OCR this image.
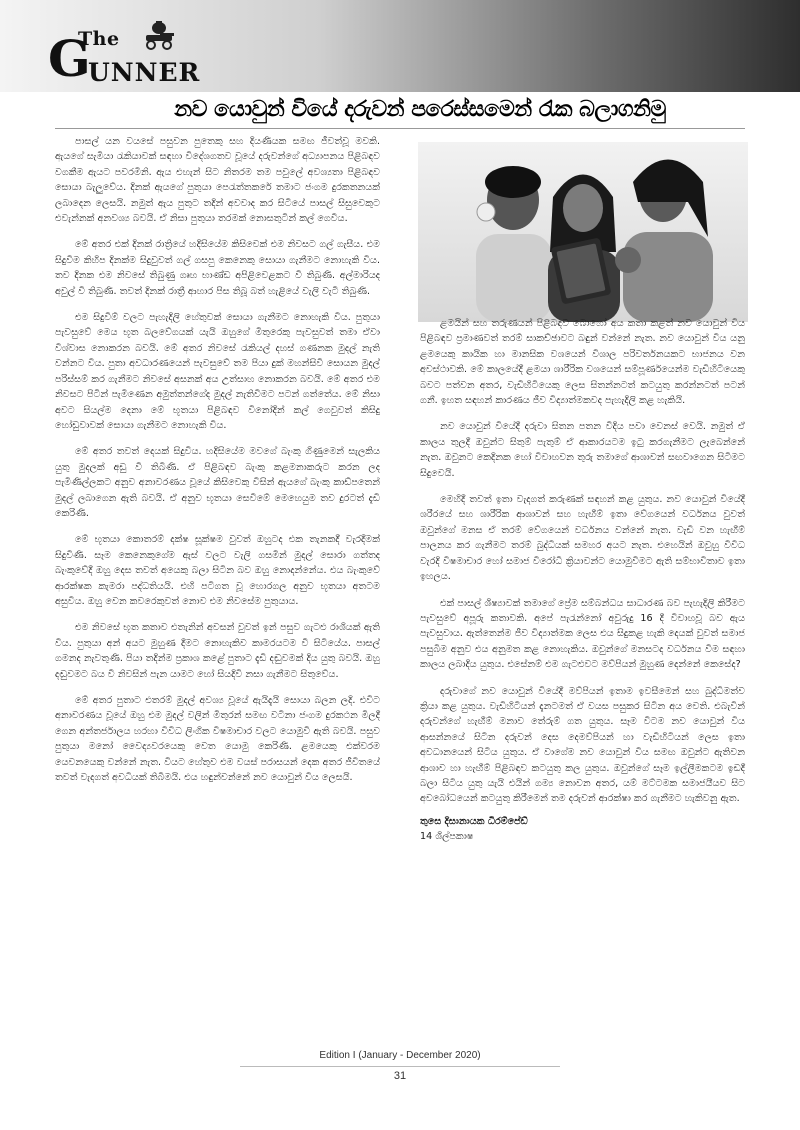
The
G
UNNER
නව යොවුන් වියේ දරුවන් පරෙස්සමෙන් රැක බලාගනිමු

පාසල් යන වයසේ පසුවන පුතෙකු සහ දියණියක සමඟ ජීවත්වූ මවකි. ඇයගේ සැමියා රැකියාවක් සඳහා විදේශගතව වූයේ දරුවන්ගේ අධ්‍යාපනය පිළිබඳව වගකීම ඇයට පවරමිනි. ඇය එහැන් සිට නිතරම තම පවුලේ අවශ්‍යතා පිළිබඳව සොයා බැලුවේය. දිනක් ඇයගේ පුතුයා පෙරැත්තකරේ තමාට ජංගම දුරකතනයක් ලබාදෙන ලෙසයි. නමුත් ඇය පුතුට තදින් අවවාද කර සිටියේ පාසල් සිසුවෙකුට එවැන්නක් අනවශ්‍ය බවයි. ඒ නිසා පුතුයා තරමක් නොසතුටින් කල් ගෙවීය.

මේ අතර එක් දිනක් රාත්‍රියේ හදිසියේම කිසිවෙක් එම නිවසට ගල් ගැසීය. එම සිදුවීම කිහිප දිනක්ම සිදුවුවත් ගල් ගසපු කෙනෙකු සොයා ගැනීමට නොහැකි විය. තව දිනක එම නිවසේ තිබුණු ගෘහ භාණ්ඩ අපිළිවෙළකට වී තිබුණි. අල්මාරියද අවුල් වී තිබුණි. තවත් දිනක් රාත්‍රී ආහාර පිස තිබූ බත් හැළියේ වැලි වැටී තිබුණි.

එම සිදුවීම් වලට පැහැදිලි හේතුවක් සොයා ගැනීමට නොහැකි විය. පුතුයා පැවසුවේ මෙය භූත බලවේගයක් යැයි ඔහුගේ මිතුරෙකු පැවසුවත් තමා ඒවා විශ්වාස නොකරන බවයි. මේ අතර නිවසේ රැකියල් දහස් ගණනක මුදල් නැති වන්නට විය. පුතා අවධාරණයෙන් පැවසුවේ තම පියා දුක් මහන්සිවී සොයන මුදල් පරිස්සම් කර ගැනීමට නිවසේ අසනක් අය උත්සාහ නොකරන බවයි. මේ අතර එම නිවසට පිටින් පැමිණෙන අමුත්තන්ගේද මුදල් නැතිවීමට පටන් ගත්තේය. මේ නිසා අවට සියල්ම දෙනා මේ භූතයා පිළිබඳව විනෝදින් කල් ගෙවුවත් කිසිදු හෝඩුවාවක් සොයා ගැනීමට නොහැකි විය.

මේ අතර තවත් දෙයක් සිදුවිය. හදිසියේම මවගේ බැංකු ගිණුමෙන් සැලකිය යුතු මුදලක් අඩු වී තිබිණි. ඒ පිළිබඳව බැංකු කළමනාකරුට කරන ලද පැමිණිල්ලකට අනුව අනාවරණය වූයේ කිසිවෙකු විසින් ඇයගේ බැංකු කාඩ්පතෙන් මුදල් ලබාගෙන ඇති බවයි. ඒ අනුව භූතයා සෙවීමේ මෙහෙයුම තව දුරටත් දැඩි කෙරිණි.

මේ භූතයා කොතරම් දක්ෂ සූක්ෂම වුවත් ඔහුටද එක තැනකදී වැරදීමක් සිදුවිණි. සෑම කෙනෙකුගේම ඇස් වලට වැලි ගසමින් මුදල් සොරා ගත්තද බැංකුවේදී ඔහු දෙස තවත් අයෙකු බලා සිටින බව ඔහු නොදන්නේය. එය බැංකුවේ ආරක්ෂක කැමරා පද්ධතියයි. එහි පටිගත වූ හොරගල අනුව භූතයා අතටම අසුවිය. ඔහු වෙන කවරෙකුවත් නොව එම නිවසේම පුතුයාය.

එම නිවසේ භූත කතාව එතැනින් අවසන් වුවත් ඉන් පසුව ගැටළු රාශියක් ඇති විය. පුතුයා අන් අයට මුහුණ දීමට නොහැකිව කාමරයටම වී සිටියේය. පාසල් ගමනද නැවතුණි. පියා තදින්ම ප්‍රකාශ කළේ පුතාට දැඩි දඬුවමක් දිය යුතු බවයි. ඔහු දඬුවමට බය වී නිවසින් පැන යාමට හෝ සියදිවි නසා ගැනීමට සිතුවේය.

මේ අතර පුතාට එතරම් මුදල් අවශ්‍ය වූයේ ඇයිදැයි සොයා බලන ලදි. එවිට අනාවරණය වූයේ ඔහු එම මුදල් වලින් මිතුරන් සමඟ වටිනා ජංගම දුරකථන මිලදී ගෙන අන්තර්ජාලය හරහා විවිධ ලිංගික විෂමාචාර වලට යොමුවී ඇති බවයි. පසුව පුතුයා මනෝ වෛද්‍යවරයෙකු වෙත යොමු කෙරිණි. ළමයෙකු එක්වරම යෙවනයෙකු වන්නේ නැත. වියට හේතුව එම වයස් පරාසයන් දෙක අතර ජීවිතයේ තවත් වැදගත් අවධියක් තිබීමයි. එය හඳුන්වන්නේ නව යොවුන් විය ලෙසයි.

ළමයින් සහ තරුණයන් පිළිබඳව බොහෝ අය කතා කළත් නව යොවුන් විය පිළිබඳව ප්‍රමාණවත් තරම් සාකච්ඡාවට බඳුන් වන්නේ නැත. නව යොවුන් විය යනු ළමයෙකු කායික හා මානසික වශයෙන් විශාල පරිවර්තනයකට භාජනය වන අවස්ථාවකි. මේ කාලයේදී ළමයා ශාරීරික වශයෙන් සම්පූර්ණයෙන්ම වැඩිහිටියෙකු බවට පත්වන අතර, වැඩිහිටියෙකු ලෙස සිතන්නටත් කටයුතු කරන්නටත් පටන් ගනී. ඉහත සඳහන් කාරණය ජීව විද්‍යාත්මකවද පැහැදිලි කළ හැකියි.

නව යොවුන් වියේදී දරුවා සිතන පතන විදිය පවා වෙනස් වෙයි. නමුත් ඒ කාලය තුලදී ඔවුන්ට සිතුම් පැතුම් ඒ ආකාරයටම ඉටු කරගැනීමට ලැබෙන්නේ නැත. ඔවුනට කෙදිනක හෝ විවාහවන තුරු තමාගේ ආශාවන් සඟවාගෙන සිටීමට සිදුවෙයි.

මෙහිදී තවත් ඉතා වැදගත් කරුණක් සඳහන් කළ යුතුය. නව යොවුන් වියේදී ශරීරයේ සහ ශාරීරික ආශාවන් සහ හැඟීම් ඉතා වේගයෙන් වර්ධනය වුවත් ඔවුන්ගේ මනස ඒ තරම් වේගයෙන් වර්ධනය වන්නේ නැත. වැඩි වන හැඟීම් පාලනය කර ගැනීමට තරම් බුද්ධියක් සමහර අයට නැත. එහෙයින් ඔවුහු විවිධ වැරදි විෂමාචාර හෝ සමාජ විරෝධී ක්‍රියාවන්ට යොමුවීමට ඇති සම්භාවිතාව ඉතා ඉහලය.

එක් පාසල් ශිෂ්‍යාවක් තමාගේ ප්‍රේම සම්බන්ධය සාධාරණ බව පැහැදිලි කිරීමට පැවසුවේ අපූරු කතාවකි. අපේ පැරැන්නෝ අවුරුදු 16 දී විවාහවූ බව ඇය පැවසුවාය. ඇත්තෙන්ම ජීව විද්‍යාත්මක ලෙස එය සිදුකළ හැකි දෙයක් වුවත් සමාජ පසුබිම අනුව එය අනුමත කළ නොහැකිය. ඔවුන්ගේ මනසටද වර්ධනය වීම සඳහා කාලය ලබාදිය යුතුය. එසේනම් එම ගැටළුවට මව්පියන් මුහුණ දෙන්නේ කෙසේද?

දරුවාගේ නව යොවුන් වියේදී මව්පියන් ඉතාම ඉවසීමෙන් සහ බුද්ධිමත්ව ක්‍රියා කළ යුතුය. වැඩිහිටියන් දැනටමත් ඒ වයස පසුකර සිටින අය වෙති. එබැවින් දරුවන්ගේ හැඟීම් මනාව තේරුම් ගත යුතුය. සෑම විටම නව යොවුන් විය ආසන්නයේ සිටින දරුවන් දෙස දෙමව්පියන් හා වැඩිහිටියන් ලෙස ඉතා අවධානයෙන් සිටිය යුතුය. ඒ වාගේම නව යොවුන් විය සමඟ ඔවුන්ට ඇතිවන ආශාව හා හැඟීම් පිළිබඳව කටයුතු කල යුතුය. ඔවුන්ගේ සෑම ඉල්ලීමකටම ඉඩදී බලා සිටිය යුතු යැයි එයින් ගම්‍ය නොවන අතර, යම් මට්ටමක සමාජයීයව සිට අවබෝධයෙන් කටයුතු කිරීමෙන් තම දරුවන් ආරක්ෂා කර ගැනීමට හැකිවනු ඇත.

තුසෙ දිසානායක ධීරම්පේඩ්
14 ශිල්පකාෂ
Edition I (January - December 2020)
31
